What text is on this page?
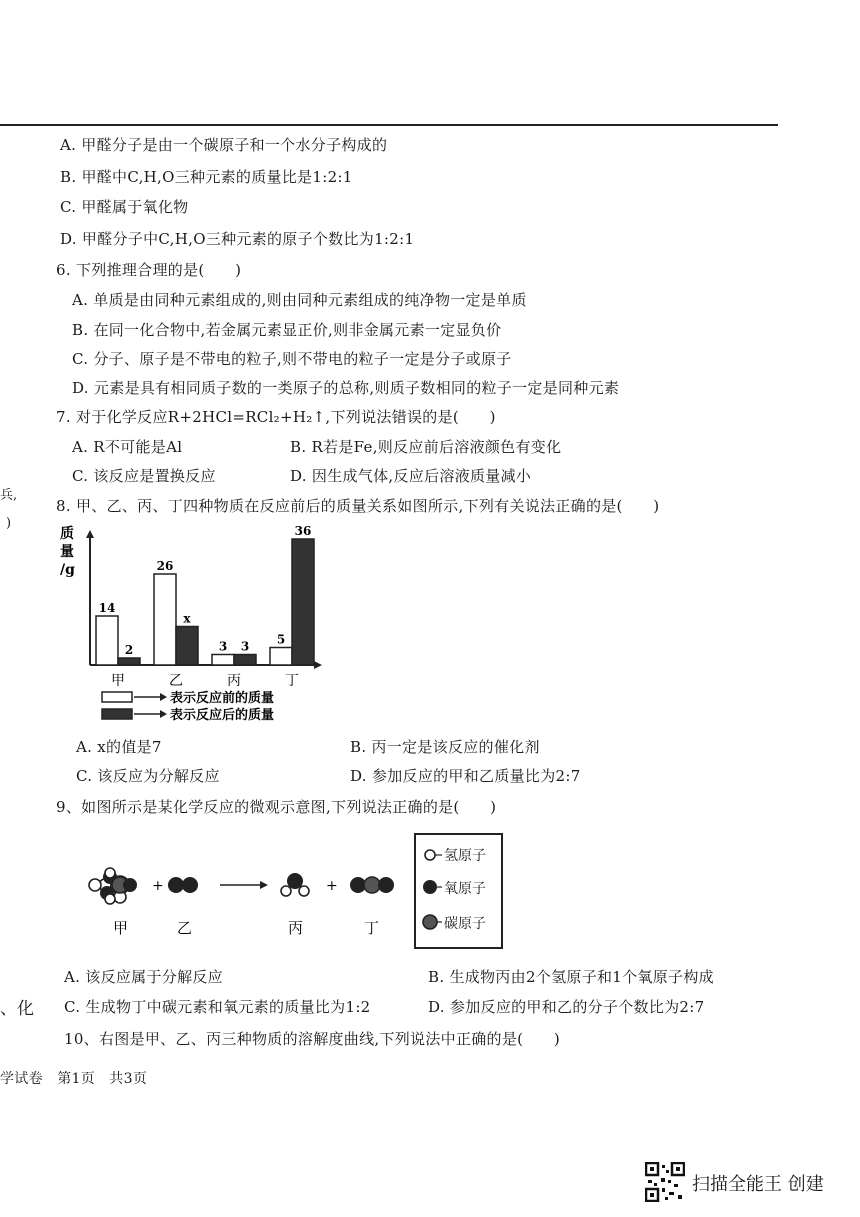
兵,
)
、化
A. 甲醛分子是由一个碳原子和一个水分子构成的
B. 甲醛中C,H,O三种元素的质量比是1:2:1
C. 甲醛属于氧化物
D. 甲醛分子中C,H,O三种元素的原子个数比为1:2:1
6. 下列推理合理的是(　　)
A. 单质是由同种元素组成的,则由同种元素组成的纯净物一定是单质
B. 在同一化合物中,若金属元素显正价,则非金属元素一定显负价
C. 分子、原子是不带电的粒子,则不带电的粒子一定是分子或原子
D. 元素是具有相同质子数的一类原子的总称,则质子数相同的粒子一定是同种元素
7. 对于化学反应R+2HCl=RCl₂+H₂↑,下列说法错误的是(　　)
A. R不可能是Al	B. R若是Fe,则反应前后溶液颜色有变化
C. 该反应是置换反应	D. 因生成气体,反应后溶液质量减小
8. 甲、乙、丙、丁四种物质在反应前后的质量关系如图所示,下列有关说法正确的是(　　)
质
量
/g
14
2
甲
26
x
乙
3 3
丙
5
36
丁
表示反应前的质量
表示反应后的质量
A. x的值是7	B. 丙一定是该反应的催化剂
C. 该反应为分解反应	D. 参加反应的甲和乙质量比为2:7
9、如图所示是某化学反应的微观示意图,下列说法正确的是(　　)
+	+
甲	乙	丙	丁
氢原子
氧原子
碳原子
A. 该反应属于分解反应	B. 生成物丙由2个氢原子和1个氧原子构成
C. 生成物丁中碳元素和氧元素的质量比为1:2	D. 参加反应的甲和乙的分子个数比为2:7
10、右图是甲、乙、丙三种物质的溶解度曲线,下列说法中正确的是(　　)
学试卷　第1页　共3页
扫描全能王 创建
